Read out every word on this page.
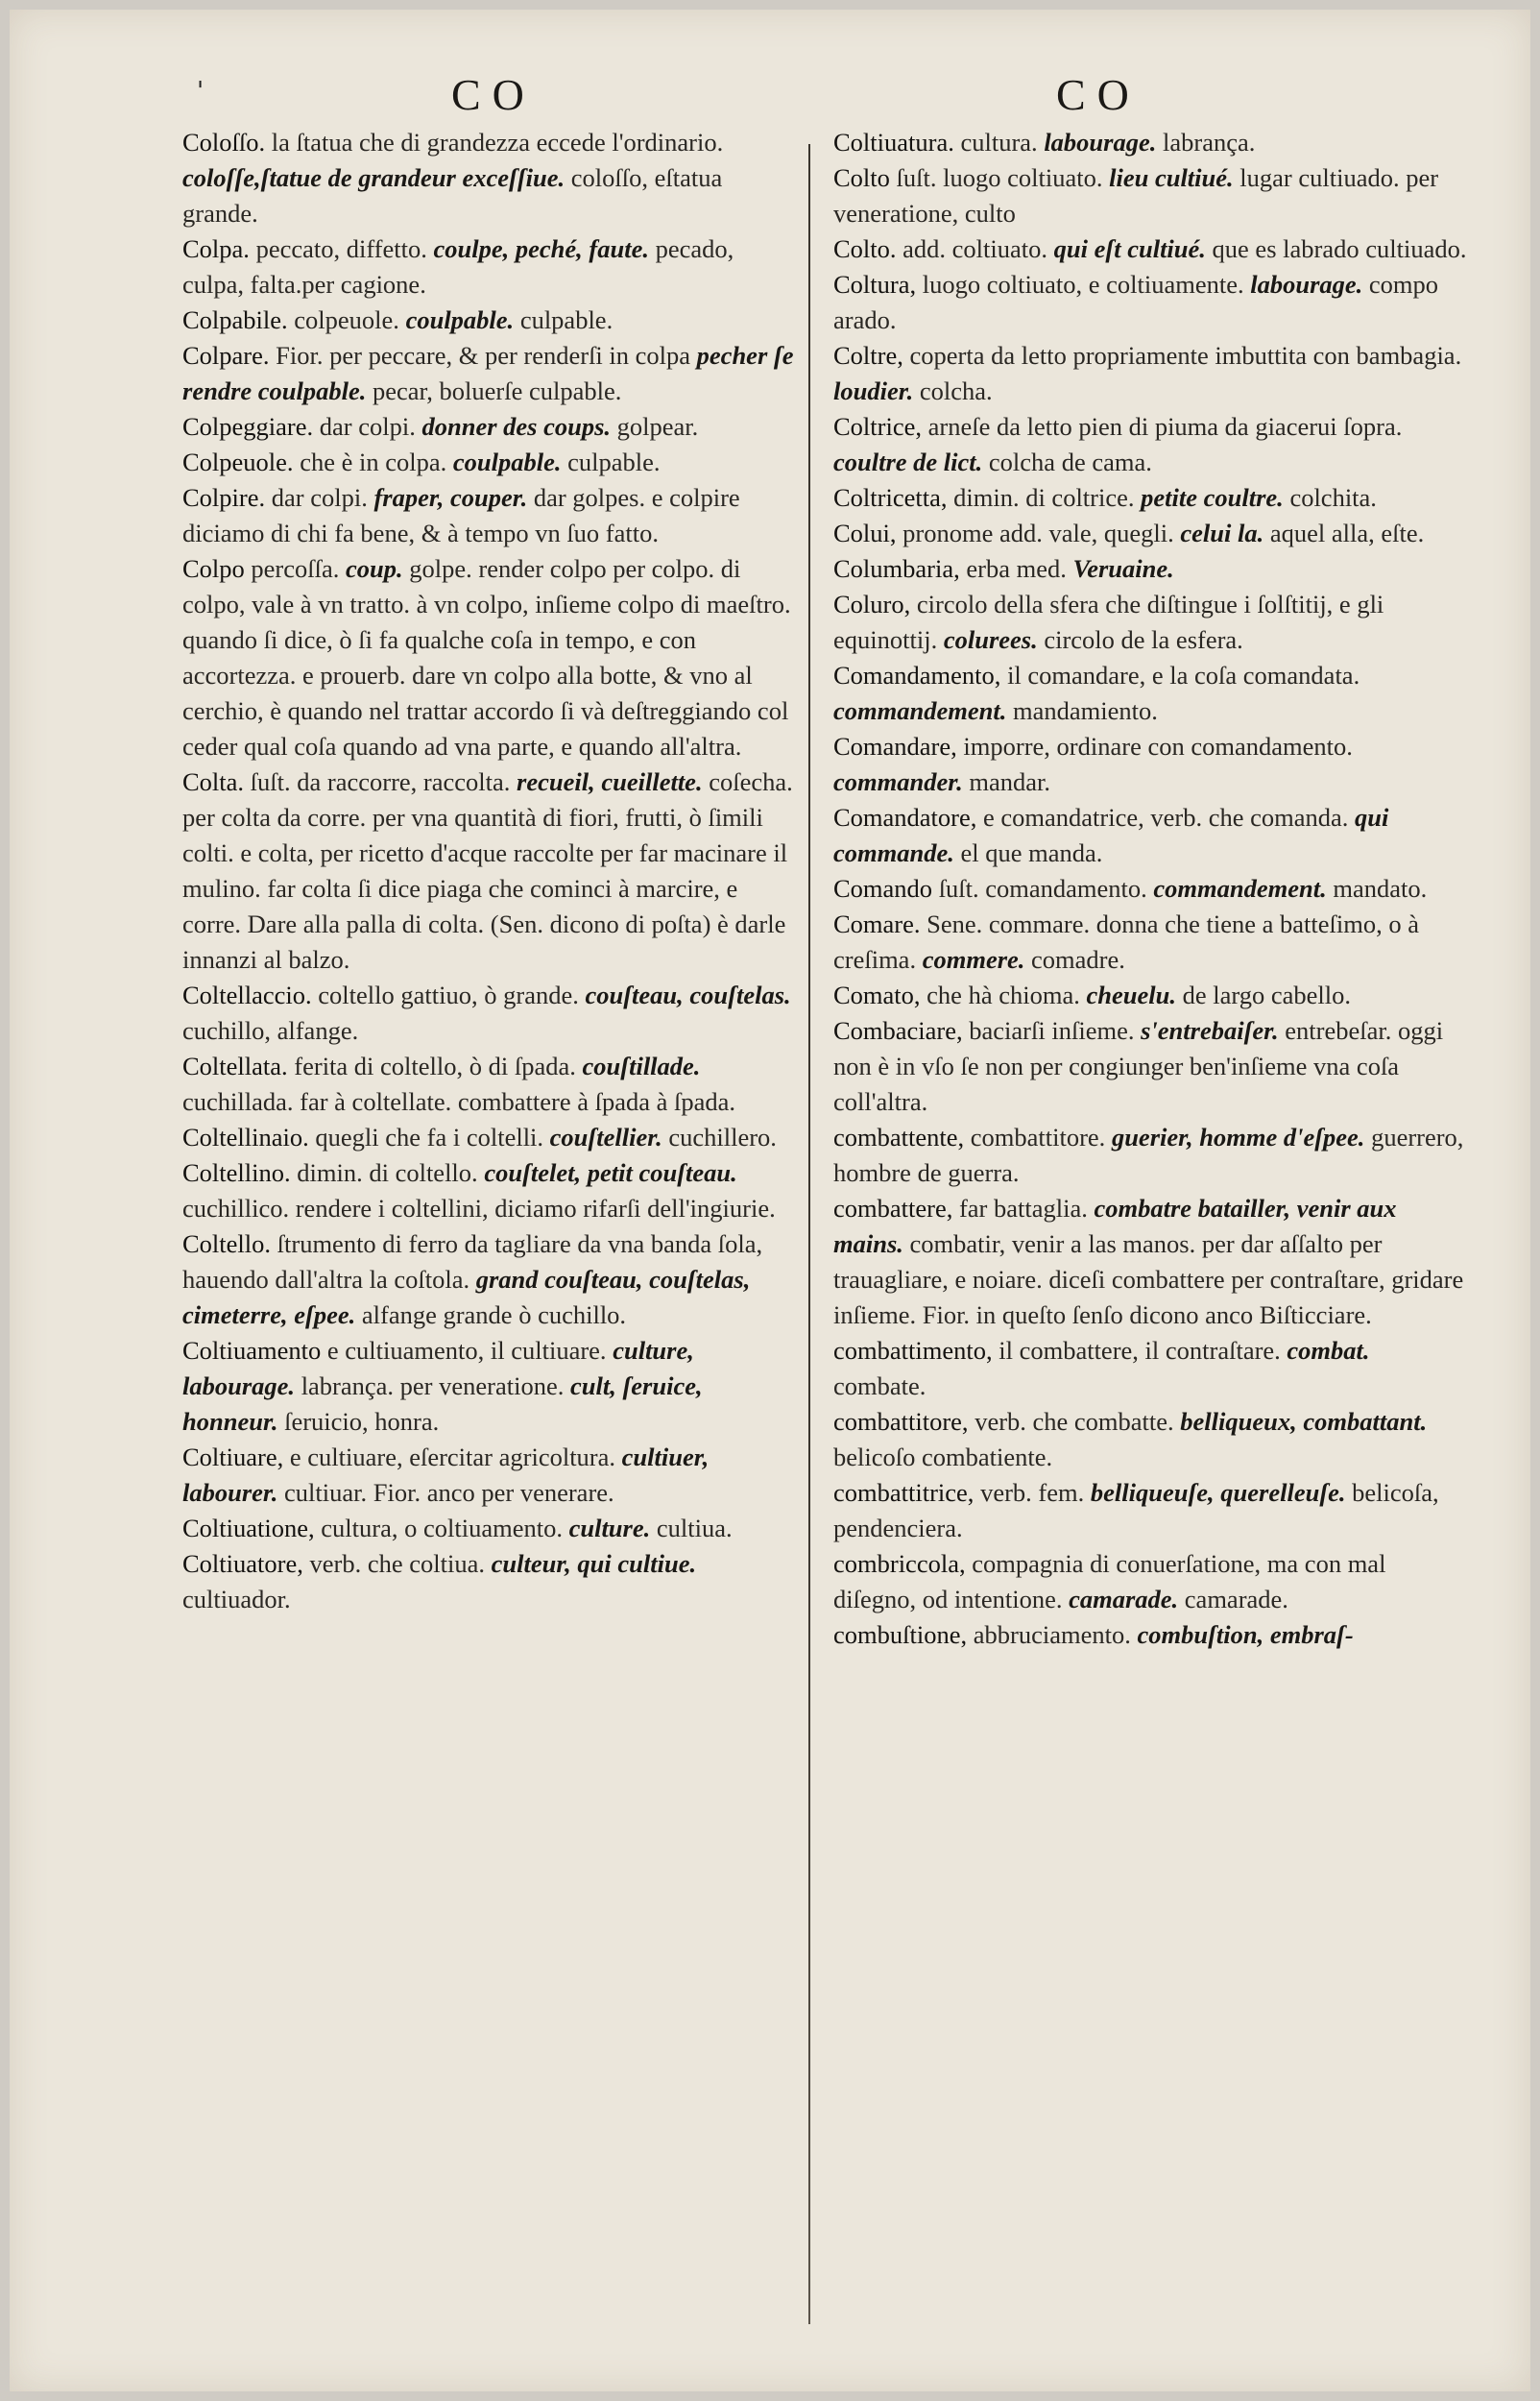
'	CO	CO
Coloſſo. la ſtatua che di grandezza eccede l'ordinario. coloſſe,ſtatue de grandeur exceſſiue. coloſſo, eſtatua grande.
Colpa. peccato, diffetto. coulpe, peché, faute. pecado, culpa, falta.per cagione.
Colpabile. colpeuole. coulpable. culpable.
Colpare. Fior. per peccare, & per renderſi in colpa pecher ſe rendre coulpable. pecar, boluerſe culpable.
Colpeggiare. dar colpi. donner des coups. golpear.
Colpeuole. che è in colpa. coulpable. culpable.
Colpire. dar colpi. fraper, couper. dar golpes. e colpire diciamo di chi fa bene, & à tempo vn ſuo fatto.
Colpo percoſſa. coup. golpe. render colpo per colpo. di colpo, vale à vn tratto. à vn colpo, inſieme colpo di maeſtro. quando ſi dice, ò ſi fa qualche coſa in tempo, e con accortezza. e prouerb. dare vn colpo alla botte, & vno al cerchio, è quando nel trattar accordo ſi và deſtreggiando col ceder qual coſa quando ad vna parte, e quando all'altra.
Colta. ſuſt. da raccorre, raccolta. recueil, cueillette. coſecha. per colta da corre. per vna quantità di fiori, frutti, ò ſimili colti. e colta, per ricetto d'acque raccolte per far macinare il mulino. far colta ſi dice piaga che cominci à marcire, e corre. Dare alla palla di colta. (Sen. dicono di poſta) è darle innanzi al balzo.
Coltellaccio. coltello gattiuo, ò grande. couſteau, couſtelas. cuchillo, alfange.
Coltellata. ferita di coltello, ò di ſpada. couſtillade. cuchillada. far à coltellate. combattere à ſpada à ſpada.
Coltellinaio. quegli che fa i coltelli. couſtellier. cuchillero.
Coltellino. dimin. di coltello. couſtelet, petit couſteau. cuchillico. rendere i coltellini, diciamo rifarſi dell'ingiurie.
Coltello. ſtrumento di ferro da tagliare da vna banda ſola, hauendo dall'altra la coſtola. grand couſteau, couſtelas, cimeterre, eſpee. alfange grande ò cuchillo.
Coltiuamento e cultiuamento, il cultiuare. culture, labourage. labrança. per veneratione. cult, ſeruice, honneur. ſeruicio, honra.
Coltiuare, e cultiuare, eſercitar agricoltura. cultiuer, labourer. cultiuar. Fior. anco per venerare.
Coltiuatione, cultura, o coltiuamento. culture. cultiua.
Coltiuatore, verb. che coltiua. culteur, qui cultiue. cultiuador.
Coltiuatura. cultura. labourage. labrança.
Colto ſuſt. luogo coltiuato. lieu cultiué. lugar cultiuado. per veneratione, culto
Colto. add. coltiuato. qui eſt cultiué. que es labrado cultiuado.
Coltura, luogo coltiuato, e coltiuamente. labourage. compo arado.
Coltre, coperta da letto propriamente imbuttita con bambagia. loudier. colcha.
Coltrice, arneſe da letto pien di piuma da giacerui ſopra. coultre de lict. colcha de cama.
Coltricetta, dimin. di coltrice. petite coultre. colchita.
Colui, pronome add. vale, quegli. celui la. aquel alla, eſte.
Columbaria, erba med. Veruaine.
Coluro, circolo della sfera che diſtingue i ſolſtitij, e gli equinottij. colurees. circolo de la esfera.
Comandamento, il comandare, e la coſa comandata. commandement. mandamiento.
Comandare, imporre, ordinare con comandamento. commander. mandar.
Comandatore, e comandatrice, verb. che comanda. qui commande. el que manda.
Comando ſuſt. comandamento. commandement. mandato.
Comare. Sene. commare. donna che tiene a batteſimo, o à creſima. commere. comadre.
Comato, che hà chioma. cheuelu. de largo cabello.
Combaciare, baciarſi inſieme. s'entrebaiſer. entrebeſar. oggi non è in vſo ſe non per congiunger ben'inſieme vna coſa coll'altra.
combattente, combattitore. guerier, homme d'eſpee. guerrero, hombre de guerra.
combattere, far battaglia. combatre batailler, venir aux mains. combatir, venir a las manos. per dar aſſalto per trauagliare, e noiare. diceſi combattere per contraſtare, gridare inſieme. Fior. in queſto ſenſo dicono anco Biſticciare.
combattimento, il combattere, il contraſtare. combat. combate.
combattitore, verb. che combatte. belliqueux, combattant. belicoſo combatiente.
combattitrice, verb. fem. belliqueuſe, querelleuſe. belicoſa, pendenciera.
combriccola, compagnia di conuerſatione, ma con mal diſegno, od intentione. camarade. camarade.
combuſtione, abbruciamento. combuſtion, embraſ-
